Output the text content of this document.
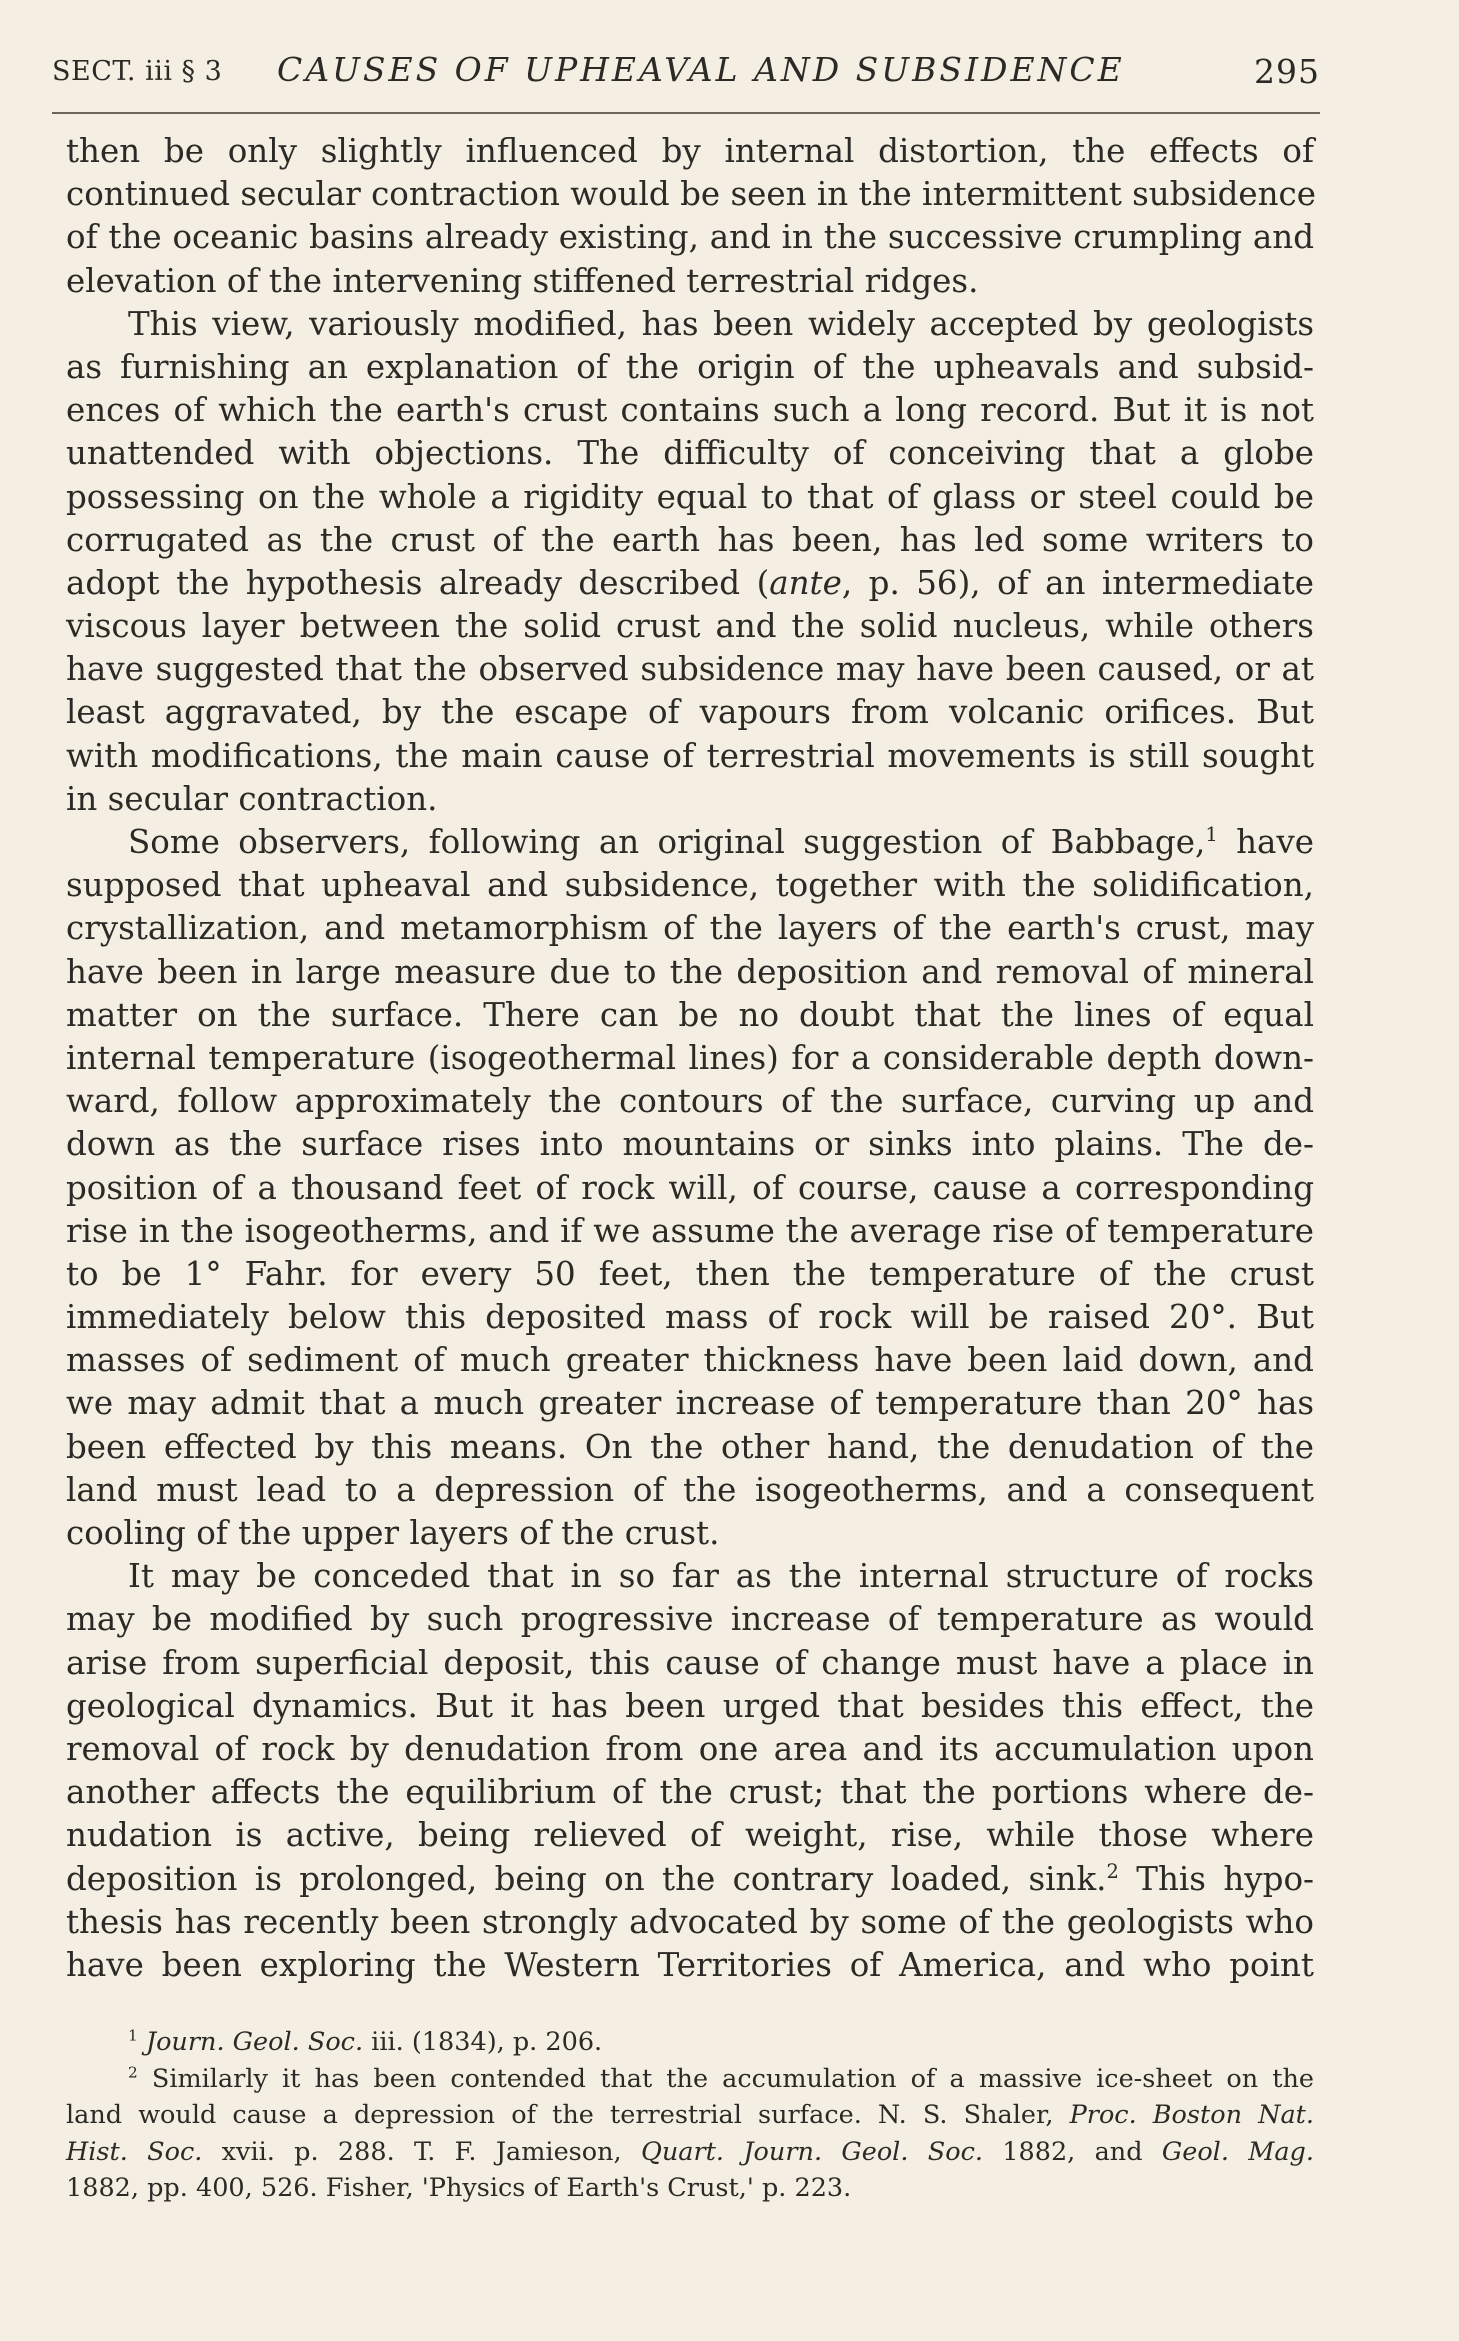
SECT. iii § 3 CAUSES OF UPHEAVAL AND SUBSIDENCE	295
then be only slightly influenced by internal distortion, the effects of
continued secular contraction would be seen in the intermittent subsidence
of the oceanic basins already existing, and in the successive crumpling and
elevation of the intervening stiffened terrestrial ridges.
This view, variously modified, has been widely accepted by geologists
as furnishing an explanation of the origin of the upheavals and subsid-
ences of which the earth's crust contains such a long record. But it is not
unattended with objections. The difficulty of conceiving that a globe
possessing on the whole a rigidity equal to that of glass or steel could be
corrugated as the crust of the earth has been, has led some writers to
adopt the hypothesis already described (ante, p. 56), of an intermediate
viscous layer between the solid crust and the solid nucleus, while others
have suggested that the observed subsidence may have been caused, or at
least aggravated, by the escape of vapours from volcanic orifices. But
with modifications, the main cause of terrestrial movements is still sought
in secular contraction.
Some observers, following an original suggestion of Babbage,$^1$ have
supposed that upheaval and subsidence, together with the solidification,
crystallization, and metamorphism of the layers of the earth's crust, may
have been in large measure due to the deposition and removal of mineral
matter on the surface. There can be no doubt that the lines of equal
internal temperature (isogeothermal lines) for a considerable depth down-
ward, follow approximately the contours of the surface, curving up and
down as the surface rises into mountains or sinks into plains. The de-
position of a thousand feet of rock will, of course, cause a corresponding
rise in the isogeotherms, and if we assume the average rise of temperature
to be 1° Fahr. for every 50 feet, then the temperature of the crust
immediately below this deposited mass of rock will be raised 20°. But
masses of sediment of much greater thickness have been laid down, and
we may admit that a much greater increase of temperature than 20° has
been effected by this means. On the other hand, the denudation of the
land must lead to a depression of the isogeotherms, and a consequent
cooling of the upper layers of the crust.
It may be conceded that in so far as the internal structure of rocks
may be modified by such progressive increase of temperature as would
arise from superficial deposit, this cause of change must have a place in
geological dynamics. But it has been urged that besides this effect, the
removal of rock by denudation from one area and its accumulation upon
another affects the equilibrium of the crust; that the portions where de-
nudation is active, being relieved of weight, rise, while those where
deposition is prolonged, being on the contrary loaded, sink.$^2$ This hypo-
thesis has recently been strongly advocated by some of the geologists who
have been exploring the Western Territories of America, and who point
$^1$ Journ. Geol. Soc. iii. (1834), p. 206.
$^2$ Similarly it has been contended that the accumulation of a massive ice-sheet on the
land would cause a depression of the terrestrial surface. N. S. Shaler, Proc. Boston Nat.
Hist. Soc. xvii. p. 288. T. F. Jamieson, Quart. Journ. Geol. Soc. 1882, and Geol. Mag.
1882, pp. 400, 526. Fisher, 'Physics of Earth's Crust,' p. 223.
